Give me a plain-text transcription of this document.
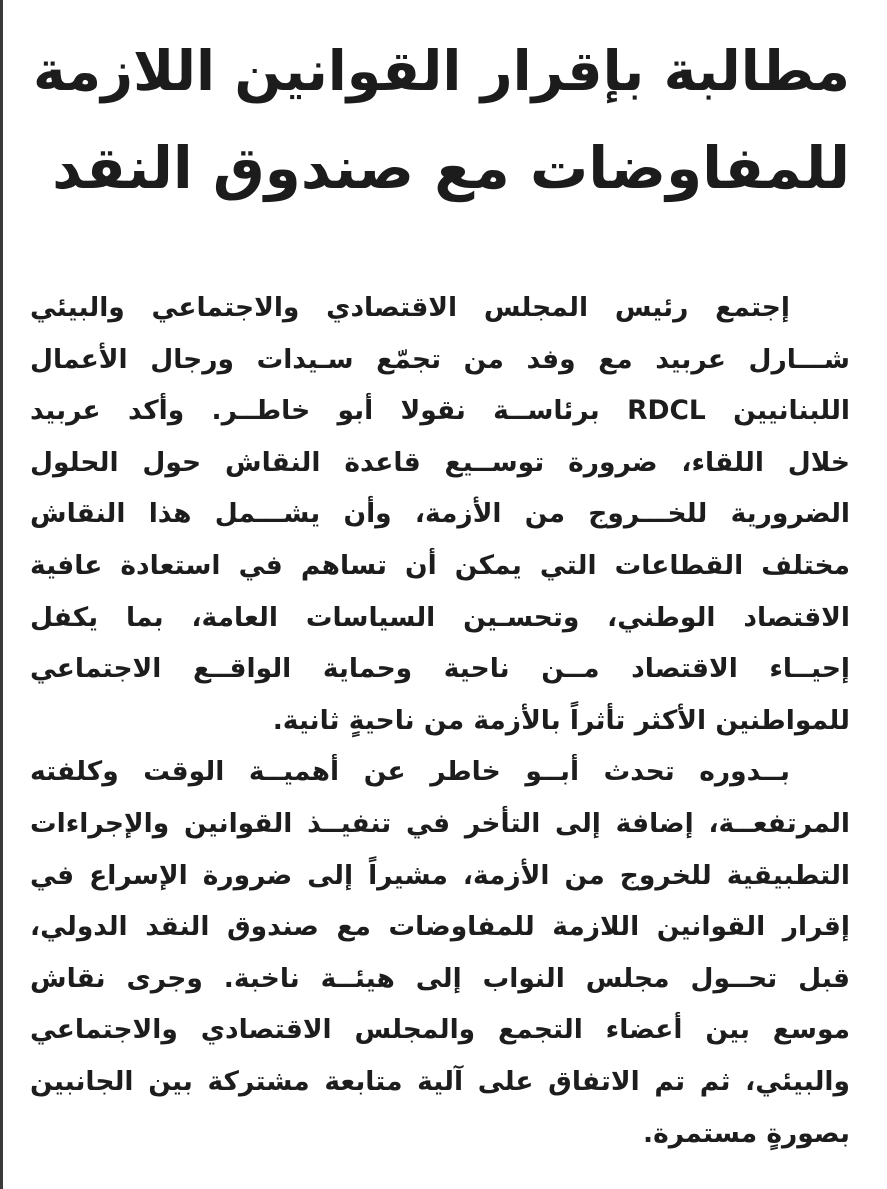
مطالبة بإقرار القوانين اللازمة
للمفاوضات مع صندوق النقد
إجتمع رئيس المجلس الاقتصادي والاجتماعي والبيئي
شـــارل عربيد مع وفد من تجمّع سـيدات ورجال الأعمال
اللبنانيين RDCL برئاســة نقولا أبو خاطــر. وأكد عربيد
خلال اللقاء، ضرورة توســيع قاعدة النقاش حول الحلول
الضرورية للخـــروج من الأزمة، وأن يشـــمل هذا النقاش
مختلف القطاعات التي يمكن أن تساهم في استعادة عافية
الاقتصاد الوطني، وتحسـين السياسات العامة، بما يكفل
إحيــاء الاقتصاد مــن ناحية وحماية الواقــع الاجتماعي
للمواطنين الأكثر تأثراً بالأزمة من ناحيةٍ ثانية.
بــدوره تحدث أبــو خاطر عن أهميــة الوقت وكلفته
المرتفعــة، إضافة إلى التأخر في تنفيــذ القوانين والإجراءات
التطبيقية للخروج من الأزمة، مشيراً إلى ضرورة الإسراع في
إقرار القوانين اللازمة للمفاوضات مع صندوق النقد الدولي،
قبل تحــول مجلس النواب إلى هيئــة ناخبة. وجرى نقاش
موسع بين أعضاء التجمع والمجلس الاقتصادي والاجتماعي
والبيئي، ثم تم الاتفاق على آلية متابعة مشتركة بين الجانبين
بصورةٍ مستمرة.
